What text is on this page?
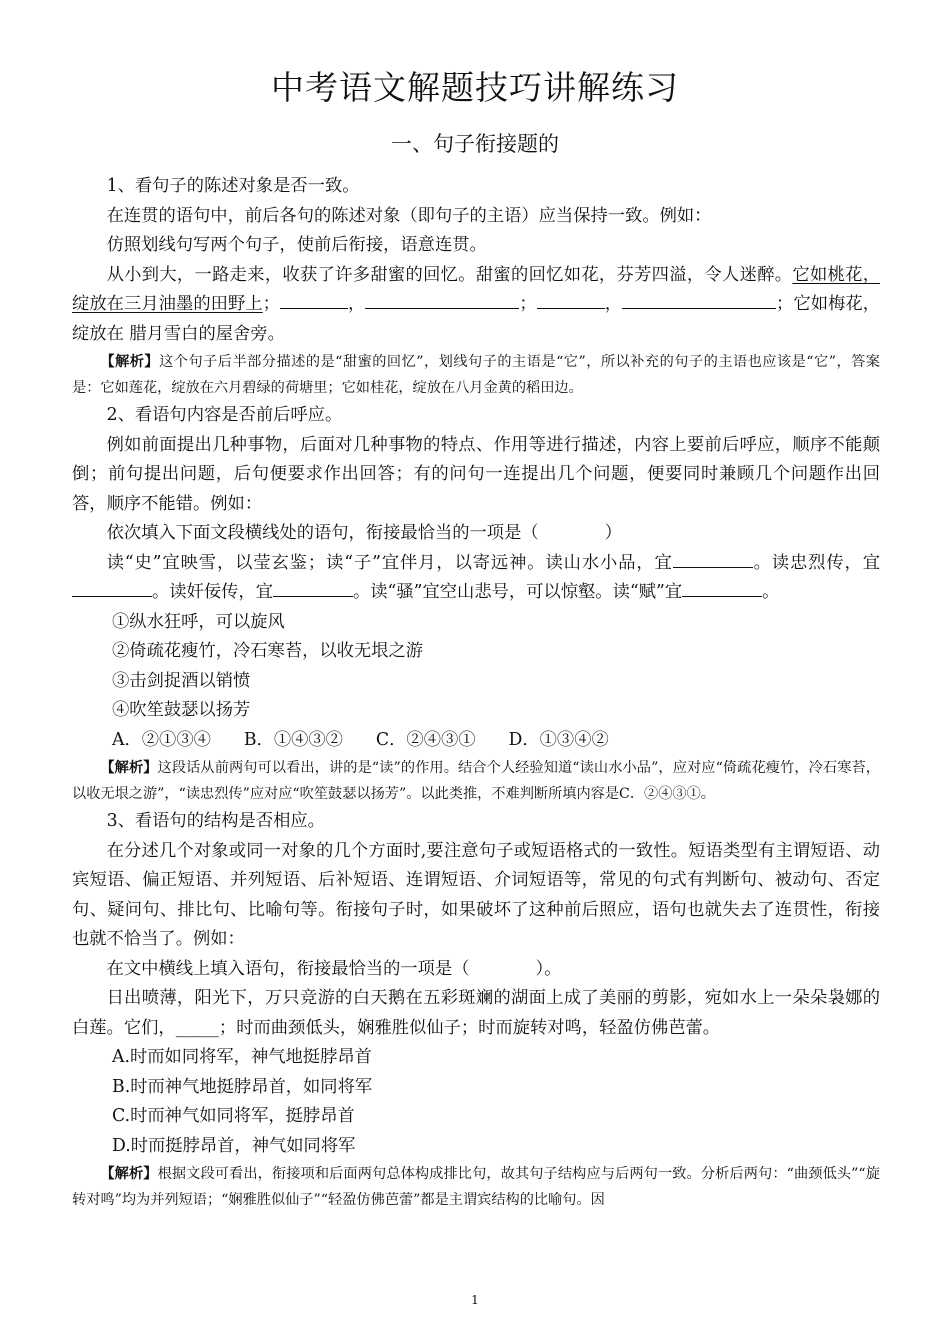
中考语文解题技巧讲解练习
一、句子衔接题的

1、看句子的陈述对象是否一致。

在连贯的语句中，前后各句的陈述对象（即句子的主语）应当保持一致。例如：

仿照划线句写两个句子，使前后衔接，语意连贯。

从小到大，一路走来，收获了许多甜蜜的回忆。甜蜜的回忆如花，芬芳四溢，令人迷醉。它如桃花，绽放在三月油墨的田野上；	，	；	，	；它如梅花，绽放在 腊月雪白的屋舍旁。

【解析】这个句子后半部分描述的是“甜蜜的回忆”，划线句子的主语是“它”，所以补充的句子的主语也应该是“它”，答案是：它如莲花，绽放在六月碧绿的荷塘里；它如桂花，绽放在八月金黄的稻田边。

2、看语句内容是否前后呼应。

例如前面提出几种事物，后面对几种事物的特点、作用等进行描述，内容上要前后呼应，顺序不能颠倒；前句提出问题，后句便要求作出回答；有的问句一连提出几个问题，便要同时兼顾几个问题作出回答，顺序不能错。例如：

依次填入下面文段横线处的语句，衔接最恰当的一项是（	）

读“史”宜映雪，以莹玄鉴；读“子”宜伴月，以寄远神。读山水小品，宜	。读忠烈传，宜。读奸佞传，宜	。读“骚”宜空山悲号，可以惊壑。读“赋”宜	。

①纵水狂呼，可以旋风

②倚疏花瘦竹，冷石寒苔，以收无垠之游

③击剑捉酒以销愤

④吹笙鼓瑟以扬芳

A．②①③④      B．①④③②      C．②④③①      D．①③④②

【解析】这段话从前两句可以看出，讲的是“读”的作用。结合个人经验知道“读山水小品”，应对应“倚疏花瘦竹，冷石寒苔，以收无垠之游”，“读忠烈传”应对应“吹笙鼓瑟以扬芳”。以此类推，不难判断所填内容是C．②④③①。

3、看语句的结构是否相应。

在分述几个对象或同一对象的几个方面时,要注意句子或短语格式的一致性。短语类型有主谓短语、动宾短语、偏正短语、并列短语、后补短语、连谓短语、介词短语等，常见的句式有判断句、被动句、否定句、疑问句、排比句、比喻句等。衔接句子时，如果破坏了这种前后照应，语句也就失去了连贯性，衔接也就不恰当了。例如：

在文中横线上填入语句，衔接最恰当的一项是（	）。

日出喷薄，阳光下，万只竞游的白天鹅在五彩斑斓的湖面上成了美丽的剪影，宛如水上一朵朵袅娜的白莲。它们，_____；时而曲颈低头，娴雅胜似仙子；时而旋转对鸣，轻盈仿佛芭蕾。

A.时而如同将军，神气地挺脖昂首

B.时而神气地挺脖昂首，如同将军

C.时而神气如同将军，挺脖昂首

D.时而挺脖昂首，神气如同将军

【解析】根据文段可看出，衔接项和后面两句总体构成排比句，故其句子结构应与后两句一致。分析后两句：“曲颈低头”“旋转对鸣”均为并列短语；“娴雅胜似仙子”“轻盈仿佛芭蕾”都是主谓宾结构的比喻句。因

1
